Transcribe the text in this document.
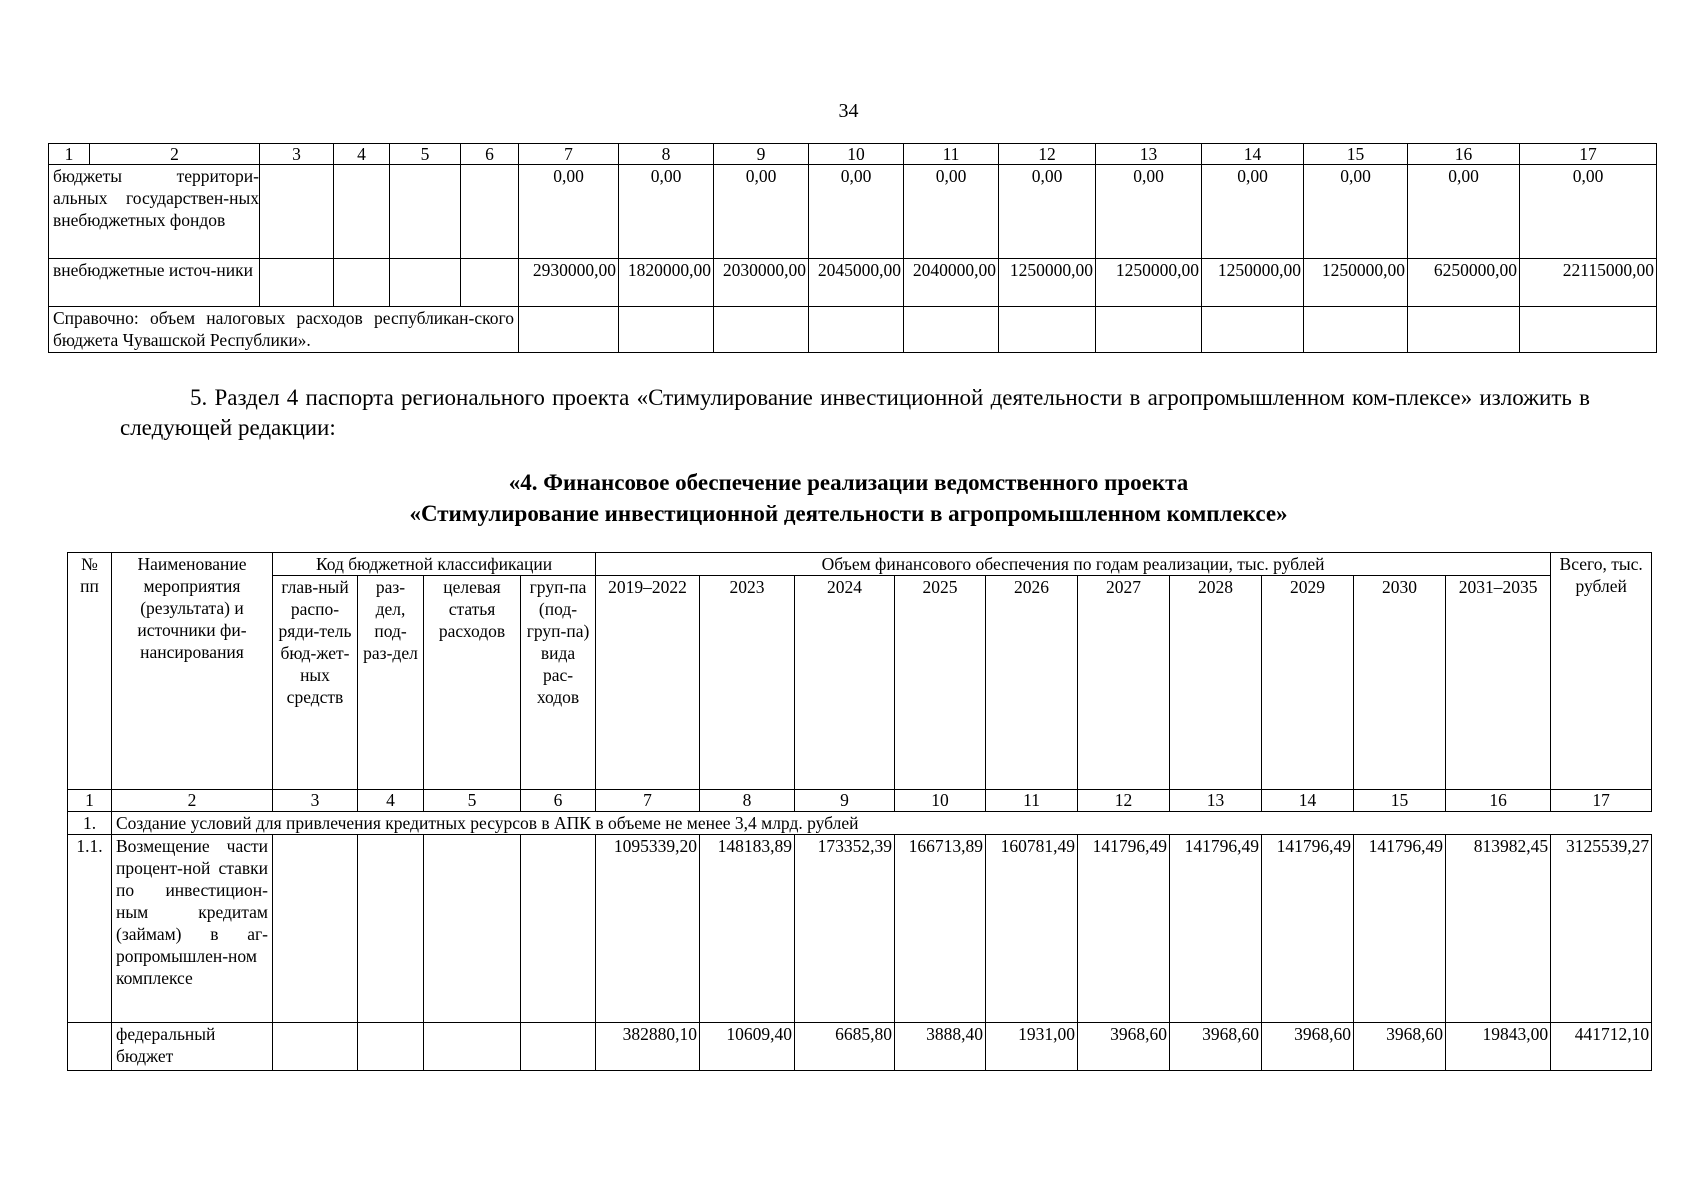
34
1	2	3	4	5	6	7	8	9	10	11	12	13	14	15	16	17
бюджеты территори-альных государствен-ных внебюджетных фондов						0,00	0,00	0,00	0,00	0,00	0,00	0,00	0,00	0,00	0,00	0,00
внебюджетные источ-ники						2930000,00	1820000,00	2030000,00	2045000,00	2040000,00	1250000,00	1250000,00	1250000,00	1250000,00	6250000,00	22115000,00
Справочно: объем налоговых расходов республикан-ского бюджета Чувашской Республики».																
5. Раздел 4 паспорта регионального проекта «Стимулирование инвестиционной деятельности в агропромышленном ком-плексе» изложить в следующей редакции:
«4. Финансовое обеспечение реализации ведомственного проекта
«Стимулирование инвестиционной деятельности в агропромышленном комплексе»
№ пп	Наименование мероприятия (результата) и источники фи-нансирования	Код бюджетной классификации				Объем финансового обеспечения по годам реализации, тыс. рублей										Всего, тыс. рублей
		глав-ный распо-ряди-тель бюд-жет-ных средств	раз-дел, под-раз-дел	целевая статья расходов	груп-па (под-груп-па) вида рас-ходов	2019–2022	2023	2024	2025	2026	2027	2028	2029	2030	2031–2035	
1	2	3	4	5	6	7	8	9	10	11	12	13	14	15	16	17
1.	Создание условий для привлечения кредитных ресурсов в АПК в объеме не менее 3,4 млрд. рублей															
1.1.	Возмещение части процент-ной ставки по инвестицион-ным кредитам (займам) в аг-ропромышлен-ном комплексе					1095339,20	148183,89	173352,39	166713,89	160781,49	141796,49	141796,49	141796,49	141796,49	813982,45	3125539,27
	федеральный бюджет					382880,10	10609,40	6685,80	3888,40	1931,00	3968,60	3968,60	3968,60	3968,60	19843,00	441712,10
